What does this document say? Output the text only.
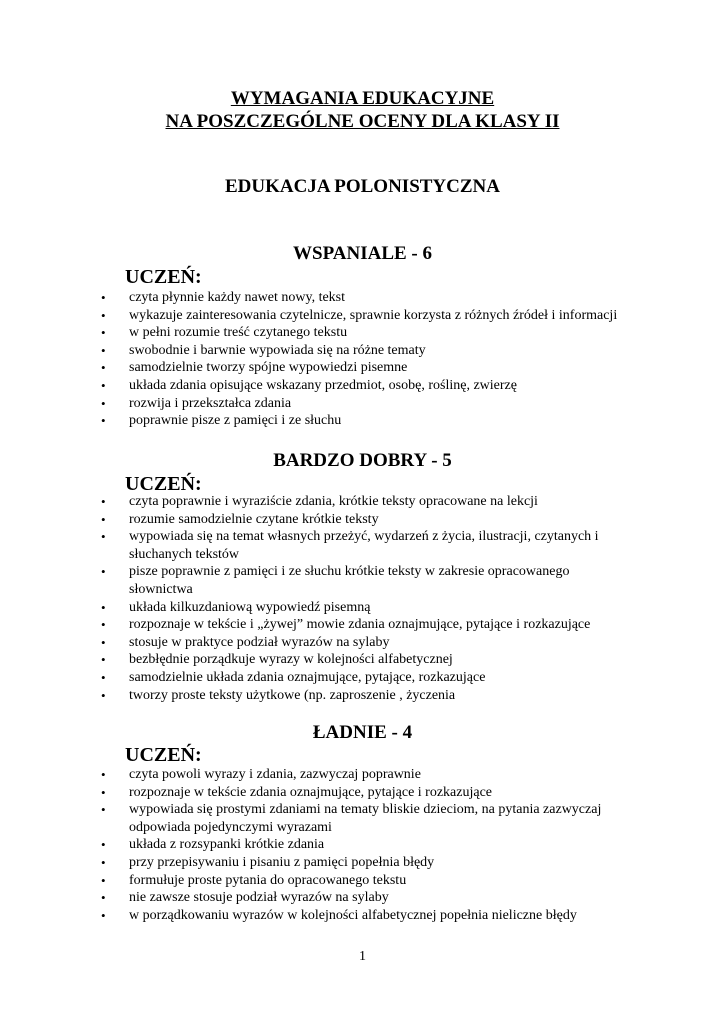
WYMAGANIA EDUKACYJNE
NA POSZCZEGÓLNE OCENY DLA KLASY II
EDUKACJA POLONISTYCZNA
WSPANIALE - 6
UCZEŃ:
• czyta płynnie każdy nawet nowy, tekst
• wykazuje zainteresowania czytelnicze, sprawnie korzysta z różnych źródeł i informacji
• w pełni rozumie treść czytanego tekstu
• swobodnie i barwnie wypowiada się na różne tematy
• samodzielnie tworzy spójne wypowiedzi pisemne
• układa zdania opisujące wskazany przedmiot, osobę, roślinę, zwierzę
• rozwija i przekształca zdania
• poprawnie pisze z pamięci i ze słuchu
BARDZO DOBRY - 5
UCZEŃ:
• czyta poprawnie i wyraziście zdania, krótkie teksty opracowane na lekcji
• rozumie samodzielnie czytane krótkie teksty
• wypowiada się na temat własnych przeżyć, wydarzeń z życia, ilustracji, czytanych i słuchanych tekstów
• pisze poprawnie z pamięci i ze słuchu krótkie teksty w zakresie opracowanego słownictwa
• układa kilkuzdaniową wypowiedź pisemną
• rozpoznaje w tekście i „żywej” mowie zdania oznajmujące, pytające i rozkazujące
• stosuje w praktyce podział wyrazów na sylaby
• bezbłędnie porządkuje wyrazy w kolejności alfabetycznej
• samodzielnie układa zdania oznajmujące, pytające, rozkazujące
• tworzy proste teksty użytkowe (np. zaproszenie , życzenia
ŁADNIE - 4
UCZEŃ:
• czyta powoli wyrazy i zdania, zazwyczaj poprawnie
• rozpoznaje w tekście zdania oznajmujące, pytające i rozkazujące
• wypowiada się prostymi zdaniami na tematy bliskie dzieciom, na pytania zazwyczaj odpowiada pojedynczymi wyrazami
• układa z rozsypanki krótkie zdania
• przy przepisywaniu i pisaniu z pamięci popełnia błędy
• formułuje proste pytania do opracowanego tekstu
• nie zawsze stosuje podział wyrazów na sylaby
• w porządkowaniu wyrazów w kolejności alfabetycznej popełnia nieliczne błędy
1
